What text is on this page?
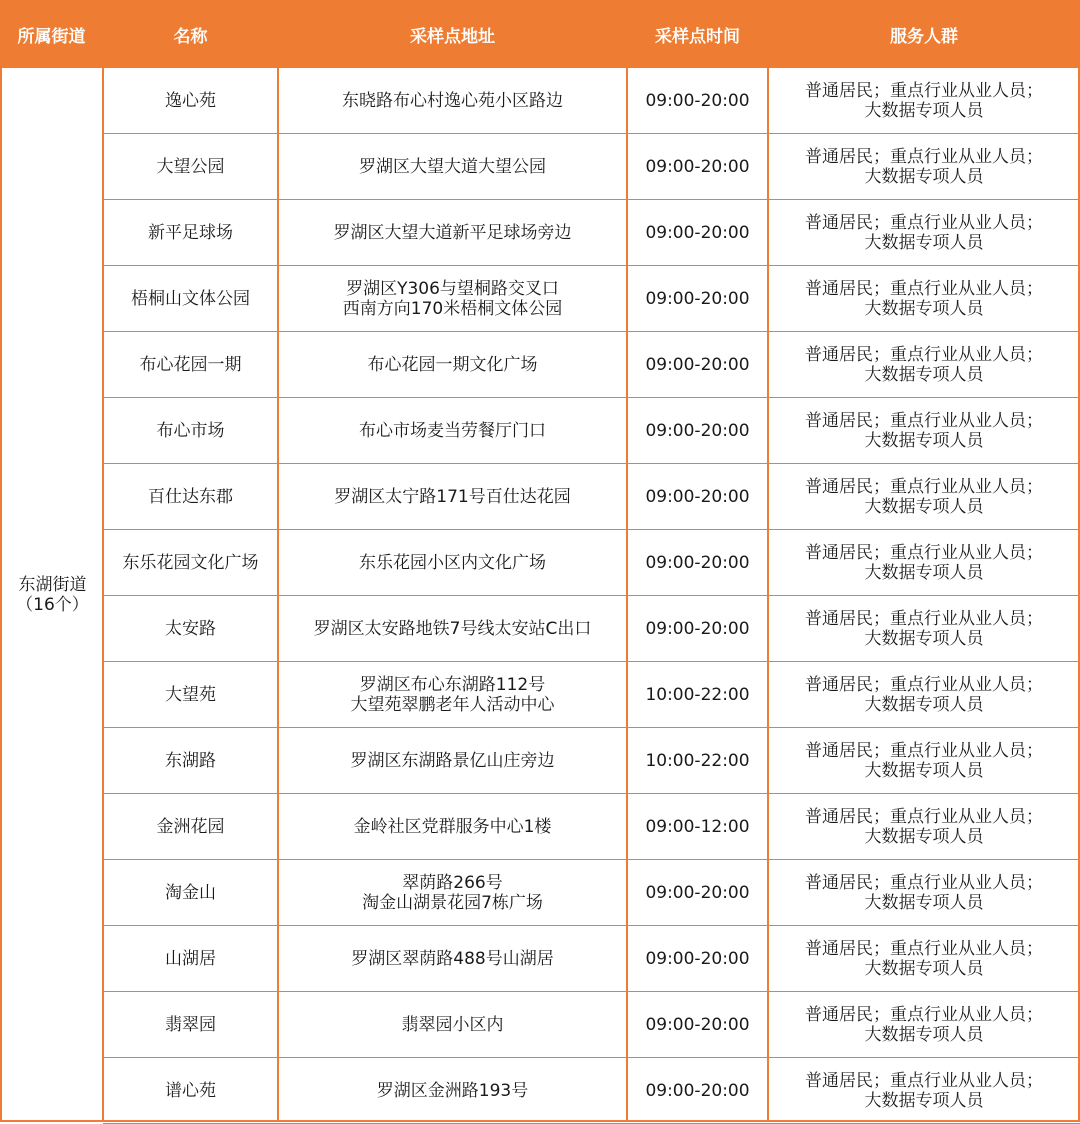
所属街道	名称	采样点地址	采样点时间	服务人群
东湖街道
（16个）
逸心苑	东晓路布心村逸心苑小区路边	09:00-20:00	普通居民；重点行业从业人员；
大数据专项人员
大望公园	罗湖区大望大道大望公园	09:00-20:00	普通居民；重点行业从业人员；
大数据专项人员
新平足球场	罗湖区大望大道新平足球场旁边	09:00-20:00	普通居民；重点行业从业人员；
大数据专项人员
梧桐山文体公园	罗湖区Y306与望桐路交叉口
西南方向170米梧桐文体公园	09:00-20:00	普通居民；重点行业从业人员；
大数据专项人员
布心花园一期	布心花园一期文化广场	09:00-20:00	普通居民；重点行业从业人员；
大数据专项人员
布心市场	布心市场麦当劳餐厅门口	09:00-20:00	普通居民；重点行业从业人员；
大数据专项人员
百仕达东郡	罗湖区太宁路171号百仕达花园	09:00-20:00	普通居民；重点行业从业人员；
大数据专项人员
东乐花园文化广场	东乐花园小区内文化广场	09:00-20:00	普通居民；重点行业从业人员；
大数据专项人员
太安路	罗湖区太安路地铁7号线太安站C出口	09:00-20:00	普通居民；重点行业从业人员；
大数据专项人员
大望苑	罗湖区布心东湖路112号
大望苑翠鹏老年人活动中心	10:00-22:00	普通居民；重点行业从业人员；
大数据专项人员
东湖路	罗湖区东湖路景亿山庄旁边	10:00-22:00	普通居民；重点行业从业人员；
大数据专项人员
金洲花园	金岭社区党群服务中心1楼	09:00-12:00	普通居民；重点行业从业人员；
大数据专项人员
淘金山	翠荫路266号
淘金山湖景花园7栋广场	09:00-20:00	普通居民；重点行业从业人员；
大数据专项人员
山湖居	罗湖区翠荫路488号山湖居	09:00-20:00	普通居民；重点行业从业人员；
大数据专项人员
翡翠园	翡翠园小区内	09:00-20:00	普通居民；重点行业从业人员；
大数据专项人员
谱心苑	罗湖区金洲路193号	09:00-20:00	普通居民；重点行业从业人员；
大数据专项人员
